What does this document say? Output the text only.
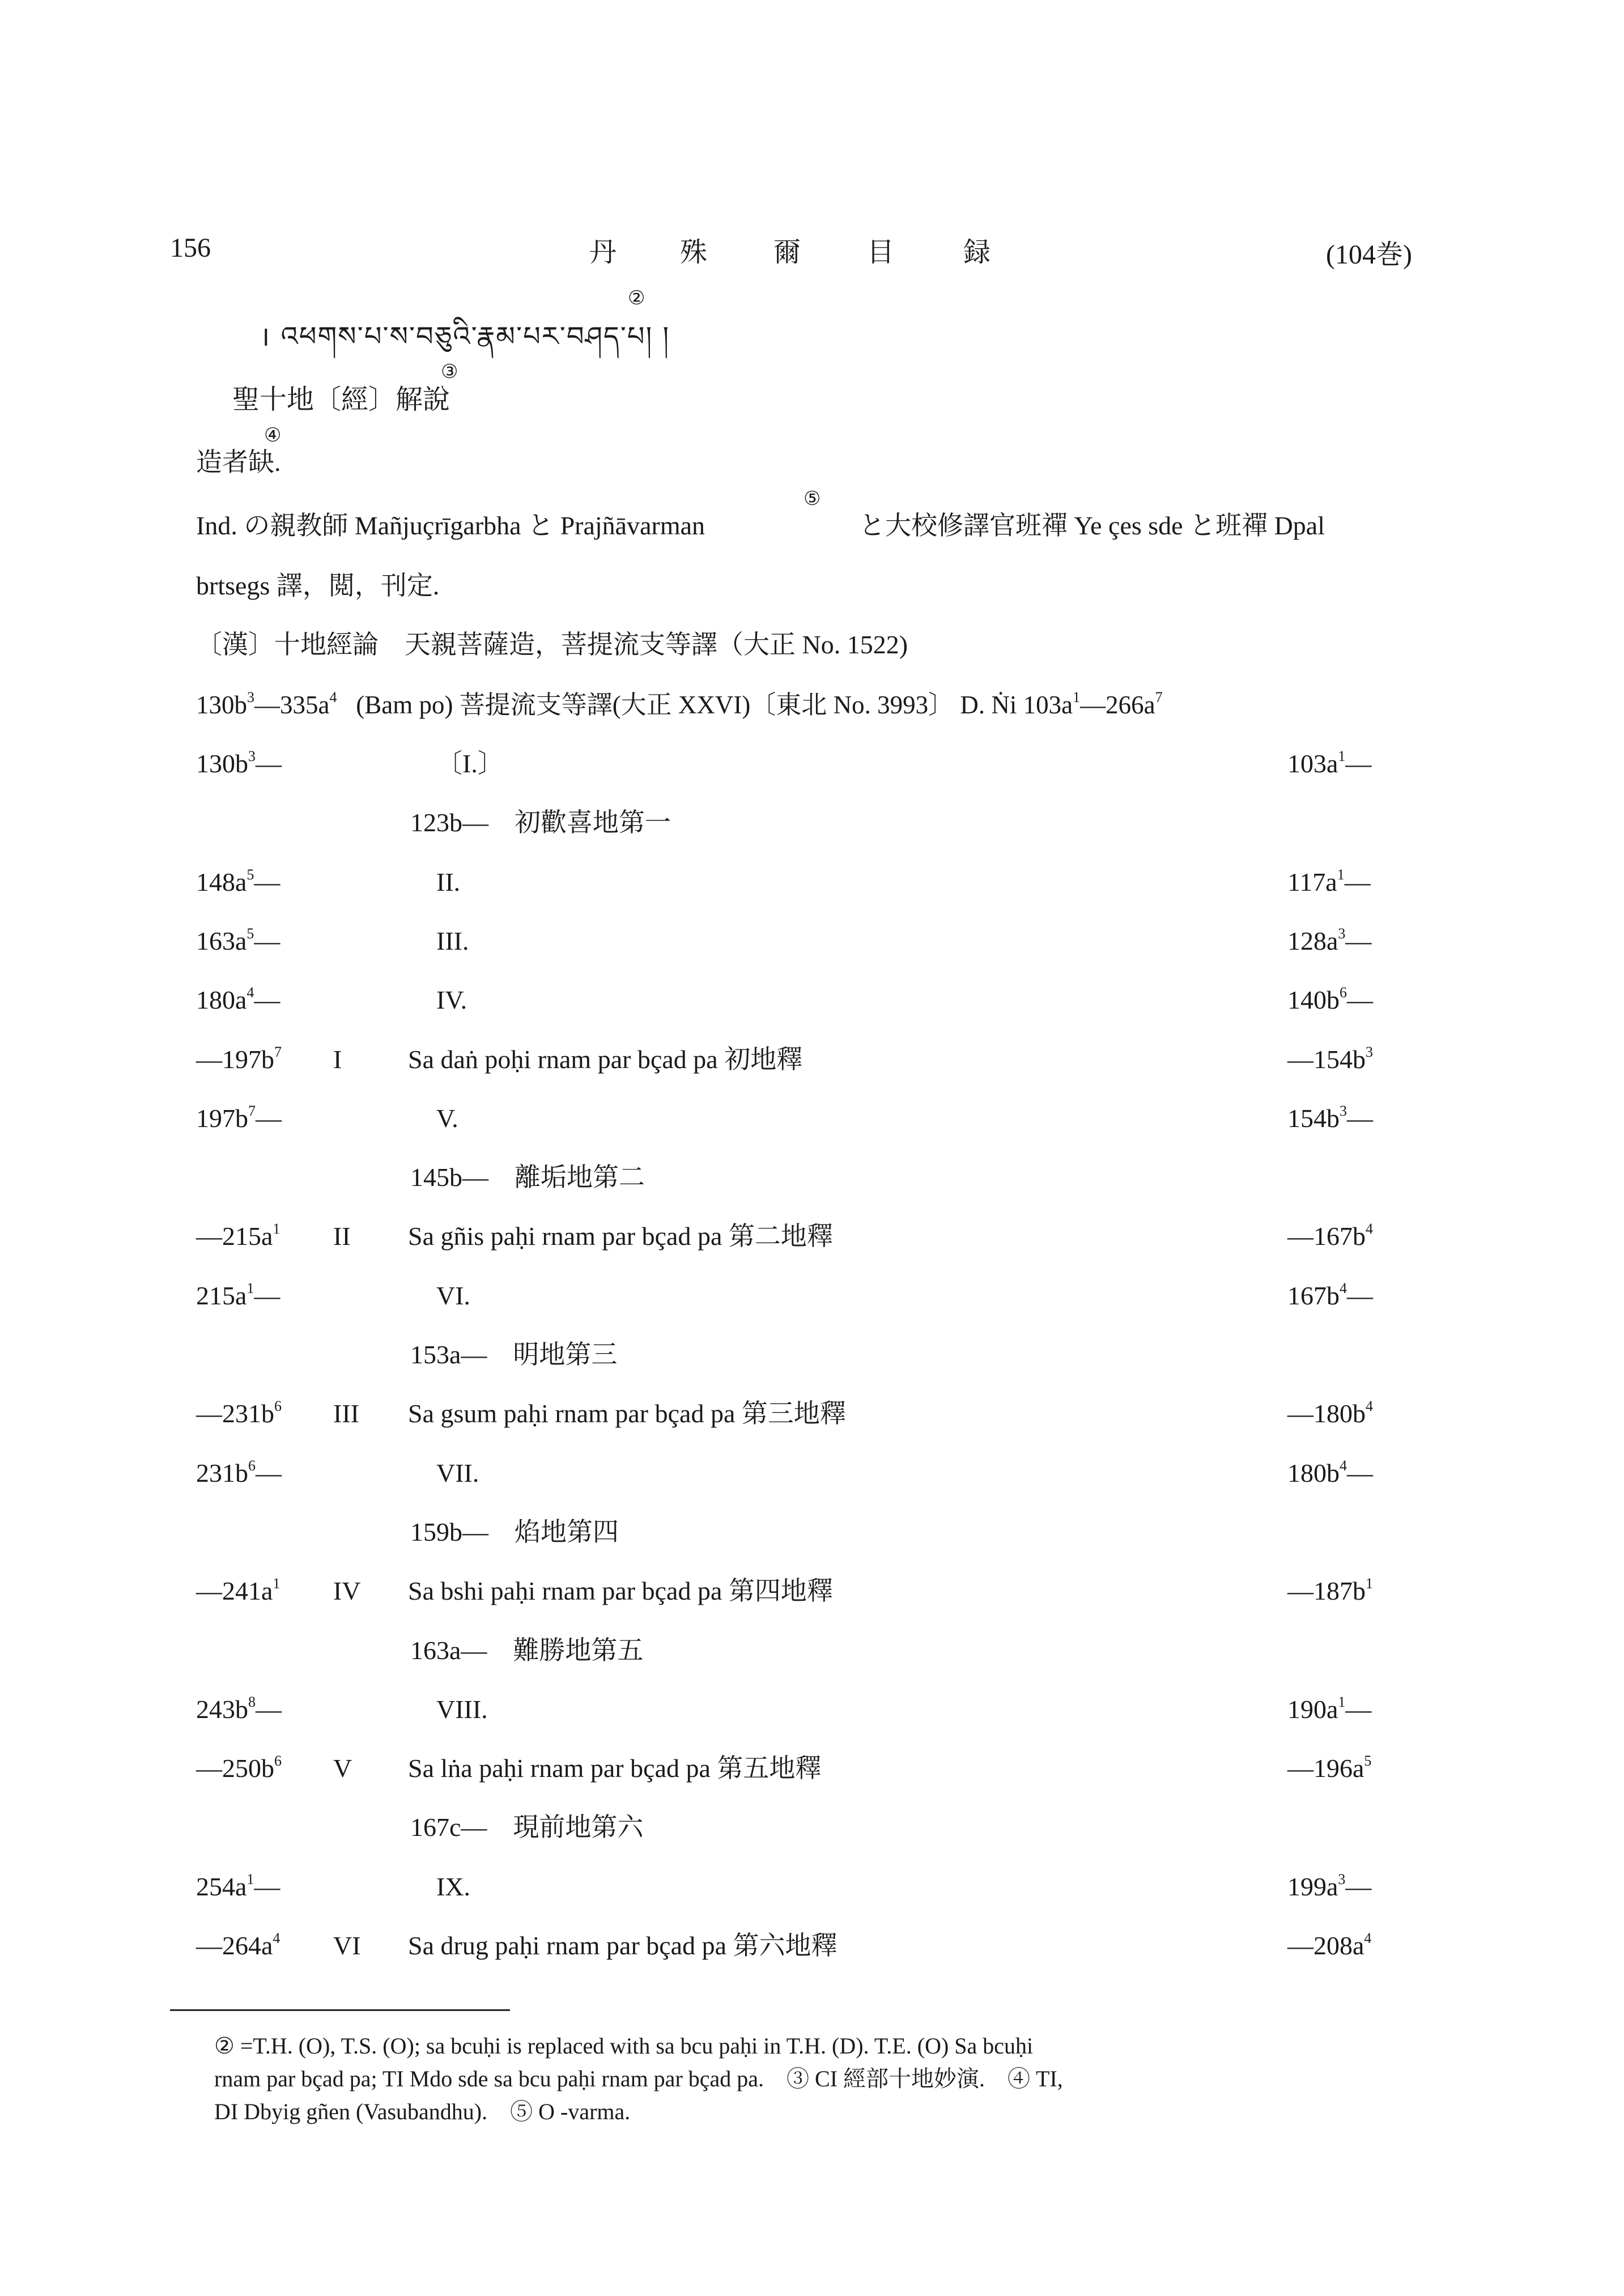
156	丹 殊 爾 目	録	(104巻)
। འཕགས་པ་ས་བཅུའི་རྣམ་པར་བཤད་པ། །
②
聖十地〔經〕解說
③
造者缺.
④
Ind. の親教師 Mañjuçrīgarbha と Prajñāvarman
⑤
と大校修譯官班禪 Ye çes sde と班禪 Dpal
brtsegs 譯，閲，刊定.
〔漢〕十地經論　天親菩薩造，菩提流支等譯（大正 No. 1522)
$130b^3—335a^4$ (Bam po) 菩提流支等譯(大正 XXVI)〔東北 No. 3993〕 D. Ṅi $103a^1—266a^7$
$130b^3—$	〔I.〕	$103a^1—$
123b—　初歡喜地第一
$148a^5—$	II.	$117a^1—$
$163a^5—$	III.	$128a^3—$
$180a^4—$	IV.	$140b^6—$
$—197b^7$ I	Sa daṅ poḥi rnam par bçad pa 初地釋	$—154b^3$
$197b^7—$	V.	$154b^3—$
145b—　離垢地第二
$—215a^1$ II Sa gñis paḥi rnam par bçad pa 第二地釋	$—167b^4$
$215a^1—$	VI.	$167b^4—$
153a—　明地第三
$—231b^6$ III Sa gsum paḥi rnam par bçad pa 第三地釋	$—180b^4$
$231b^6—$	VII.	$180b^4—$
159b—　焰地第四
$—241a^1$ IV Sa bshi paḥi rnam par bçad pa 第四地釋	$—187b^1$
163a—　難勝地第五
$243b^8—$	VIII.	$190a^1—$
$—250b^6$ V Sa lṅa paḥi rnam par bçad pa 第五地釋	$—196a^5$
167c—　現前地第六
$254a^1—$	IX.	$199a^3—$
$—264a^4$ VI Sa drug paḥi rnam par bçad pa 第六地釋	$—208a^4$
② =T.H. (O), T.S. (O); sa bcuḥi is replaced with sa bcu paḥi in T.H. (D). T.E. (O) Sa bcuḥi
rnam par bçad pa; TI Mdo sde sa bcu paḥi rnam par bçad pa.　③ CI 經部十地妙演.　④ TI,
DI Dbyig gñen (Vasubandhu).　⑤ O -varma.
